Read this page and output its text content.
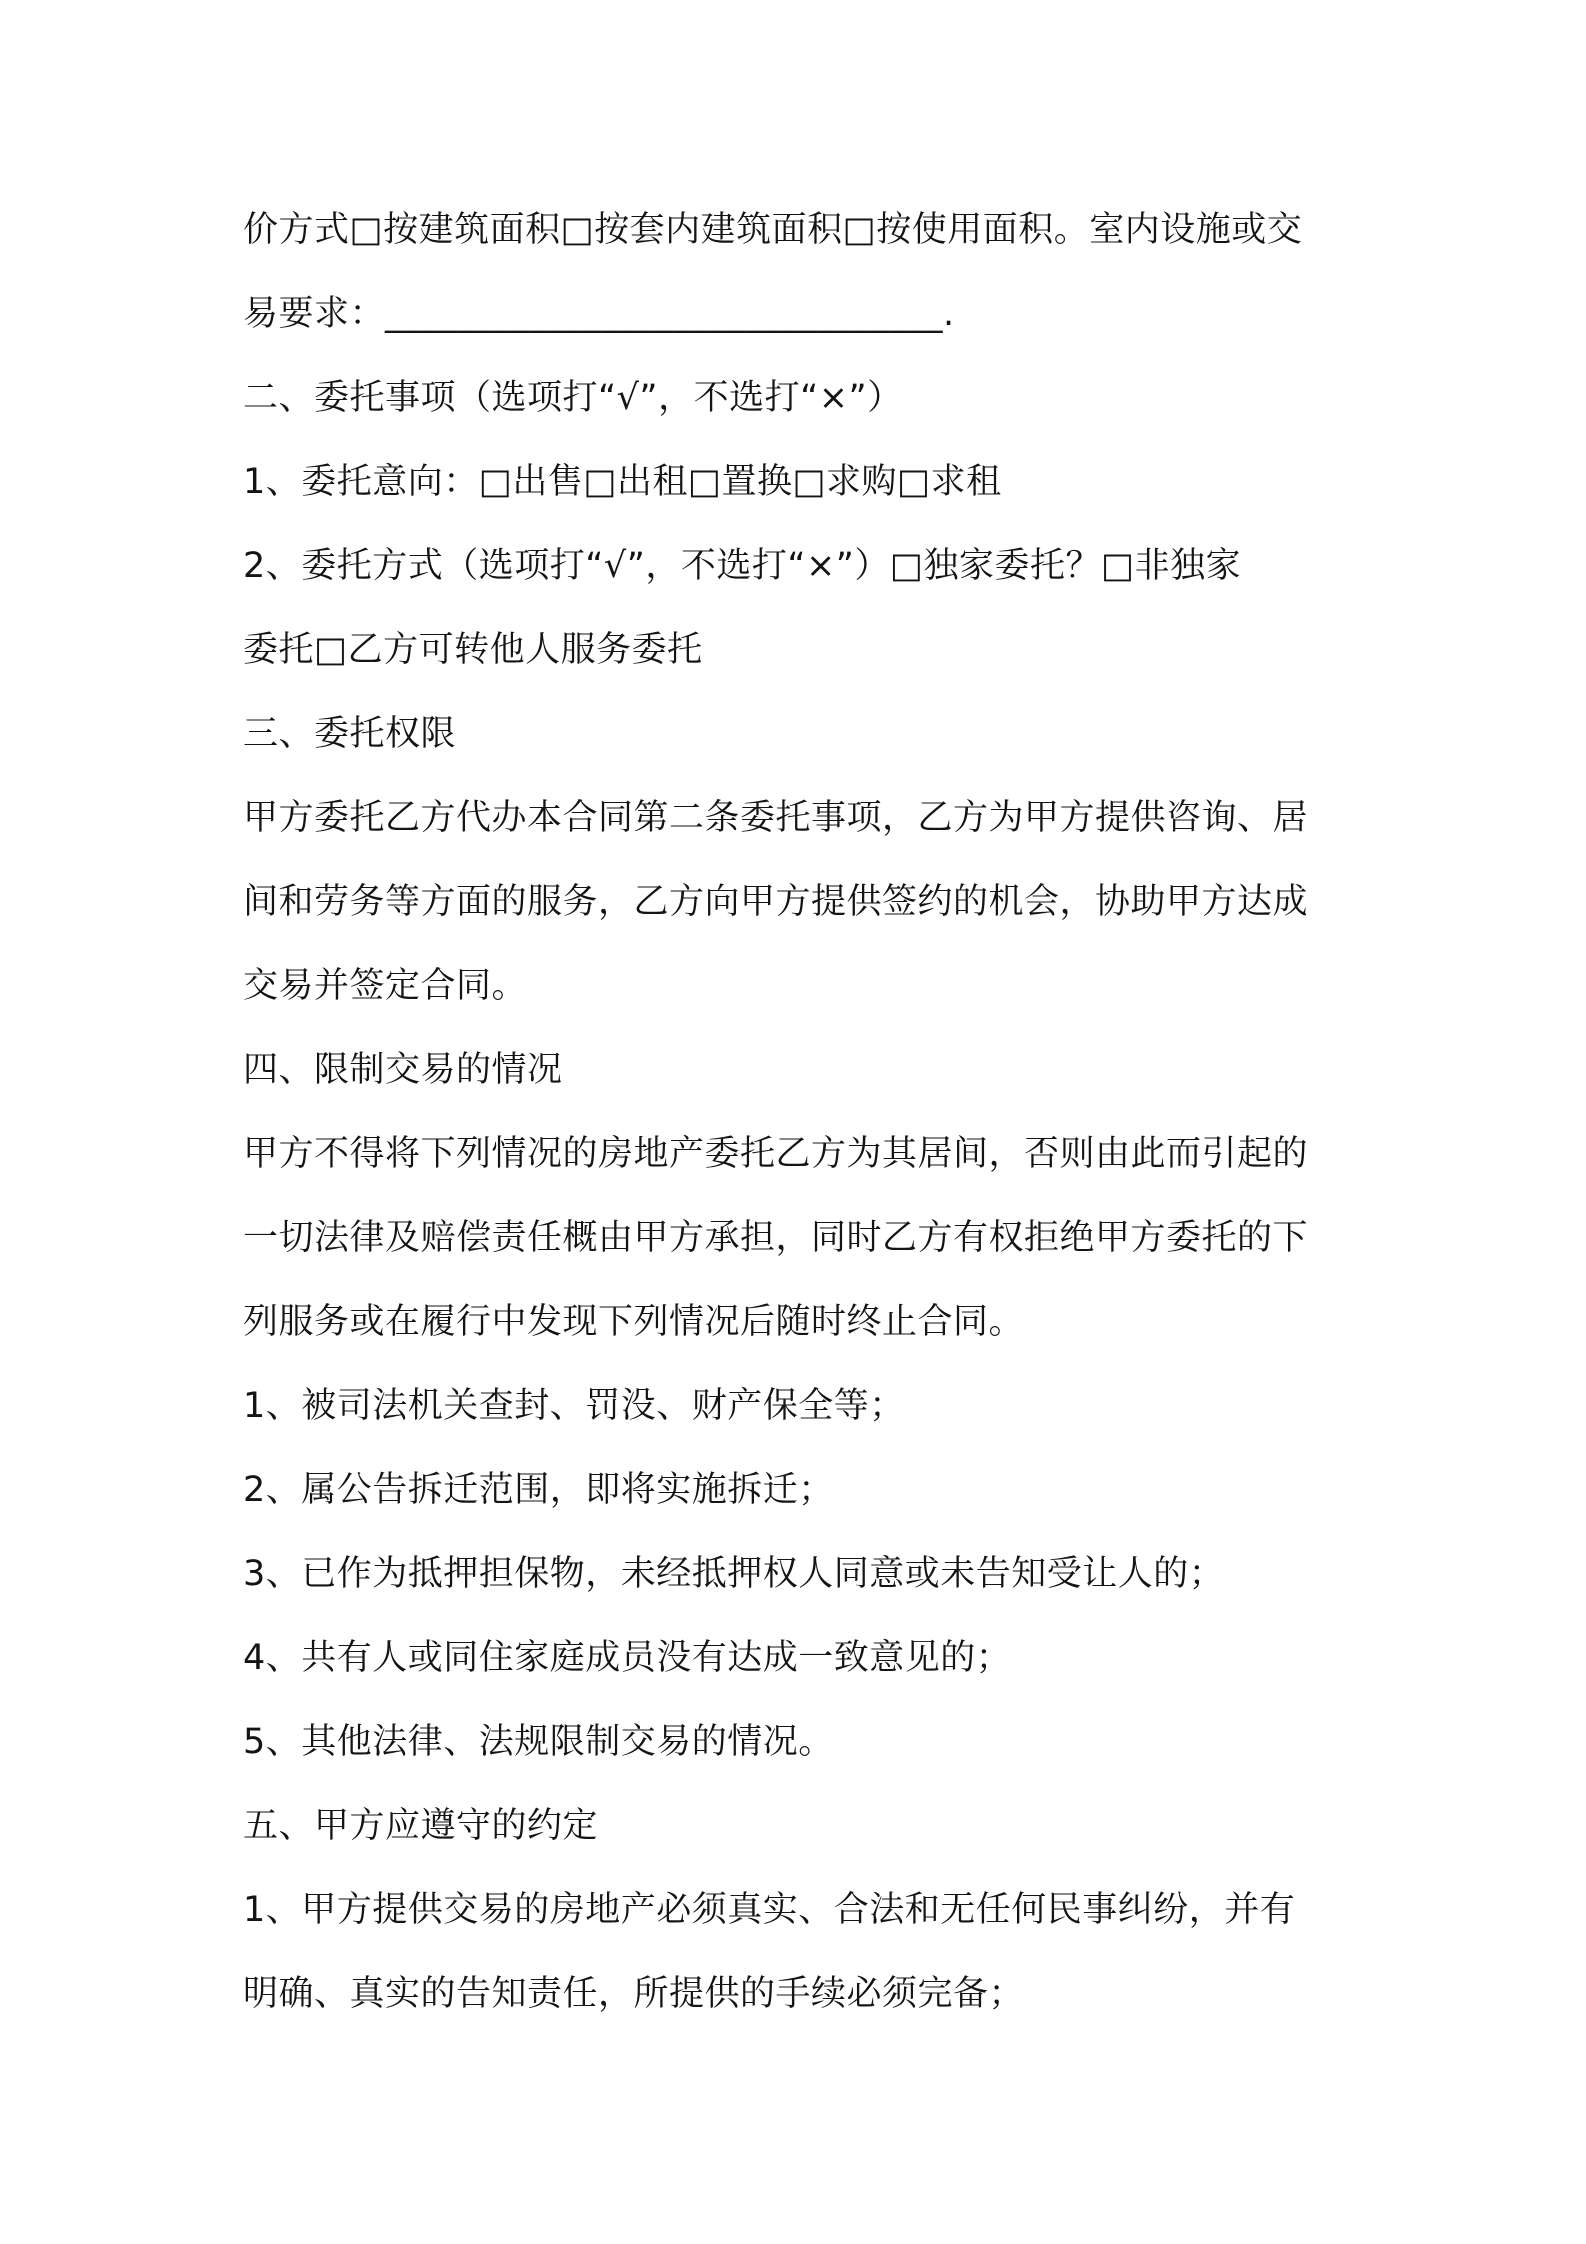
价方式□按建筑面积□按套内建筑面积□按使用面积。室内设施或交
易要求：_______________________________.
二、委托事项（选项打“√”，不选打“×”）
1、委托意向：□出售□出租□置换□求购□求租
2、委托方式（选项打“√”，不选打“×”）□独家委托？□非独家
委托□乙方可转他人服务委托
三、委托权限
甲方委托乙方代办本合同第二条委托事项，乙方为甲方提供咨询、居
间和劳务等方面的服务，乙方向甲方提供签约的机会，协助甲方达成
交易并签定合同。
四、限制交易的情况
甲方不得将下列情况的房地产委托乙方为其居间，否则由此而引起的
一切法律及赔偿责任概由甲方承担，同时乙方有权拒绝甲方委托的下
列服务或在履行中发现下列情况后随时终止合同。
1、被司法机关查封、罚没、财产保全等；
2、属公告拆迁范围，即将实施拆迁；
3、已作为抵押担保物，未经抵押权人同意或未告知受让人的；
4、共有人或同住家庭成员没有达成一致意见的；
5、其他法律、法规限制交易的情况。
五、甲方应遵守的约定
1、甲方提供交易的房地产必须真实、合法和无任何民事纠纷，并有
明确、真实的告知责任，所提供的手续必须完备；
